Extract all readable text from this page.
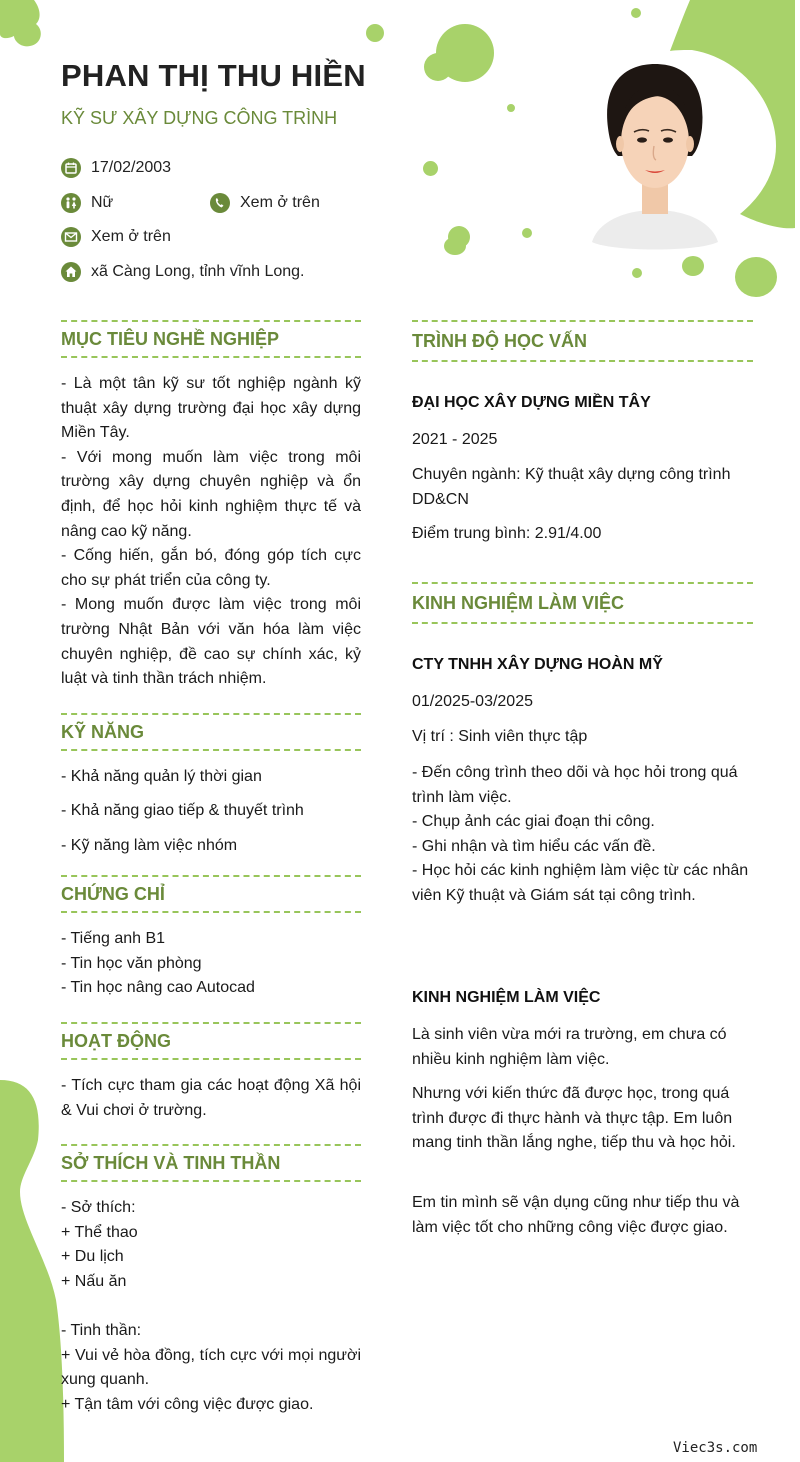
PHAN THỊ THU HIỀN
KỸ SƯ XÂY DỰNG CÔNG TRÌNH
17/02/2003
Nữ	Xem ở trên
Xem ở trên
xã Càng Long, tỉnh vĩnh Long.
MỤC TIÊU NGHỀ NGHIỆP
- Là một tân kỹ sư tốt nghiệp ngành kỹ thuật xây dựng trường đại học xây dựng Miền Tây.
- Với mong muốn làm việc trong môi trường xây dựng chuyên nghiệp và ổn định, để học hỏi kinh nghiệm thực tế và nâng cao kỹ năng.
- Cống hiến, gắn bó, đóng góp tích cực cho sự phát triển của công ty.
- Mong muốn được làm việc trong môi trường Nhật Bản với văn hóa làm việc chuyên nghiệp, đề cao sự chính xác, kỷ luật và tinh thần trách nhiệm.
KỸ NĂNG
- Khả năng quản lý thời gian
- Khả năng giao tiếp & thuyết trình
- Kỹ năng làm việc nhóm
CHỨNG CHỈ
- Tiếng anh B1
- Tin học văn phòng
- Tin học nâng cao Autocad
HOẠT ĐỘNG
- Tích cực tham gia các hoạt động Xã hội & Vui chơi ở trường.
SỞ THÍCH VÀ TINH THẦN
- Sở thích:
+ Thể thao
+ Du lịch
+ Nấu ăn

- Tinh thần:
+ Vui vẻ hòa đồng, tích cực với mọi người xung quanh.
+ Tận tâm với công việc được giao.
TRÌNH ĐỘ HỌC VẤN
ĐẠI HỌC XÂY DỰNG MIỀN TÂY
2021 - 2025
Chuyên ngành: Kỹ thuật xây dựng công trình DD&CN
Điểm trung bình: 2.91/4.00
KINH NGHIỆM LÀM VIỆC
CTY TNHH XÂY DỰNG HOÀN MỸ
01/2025-03/2025
Vị trí : Sinh viên thực tập
- Đến công trình theo dõi và học hỏi trong quá trình làm việc.
- Chụp ảnh các giai đoạn thi công.
- Ghi nhận và tìm hiểu các vấn đề.
- Học hỏi các kinh nghiệm làm việc từ các nhân viên Kỹ thuật và Giám sát tại công trình.
KINH NGHIỆM LÀM VIỆC
Là sinh viên vừa mới ra trường, em chưa có nhiều kinh nghiệm làm việc.
Nhưng với kiến thức đã được học, trong quá trình được đi thực hành và thực tập. Em luôn mang tinh thần lắng nghe, tiếp thu và học hỏi.
Em tin mình sẽ vận dụng cũng như tiếp thu và làm việc tốt cho những công việc được giao.
Viec3s.com
